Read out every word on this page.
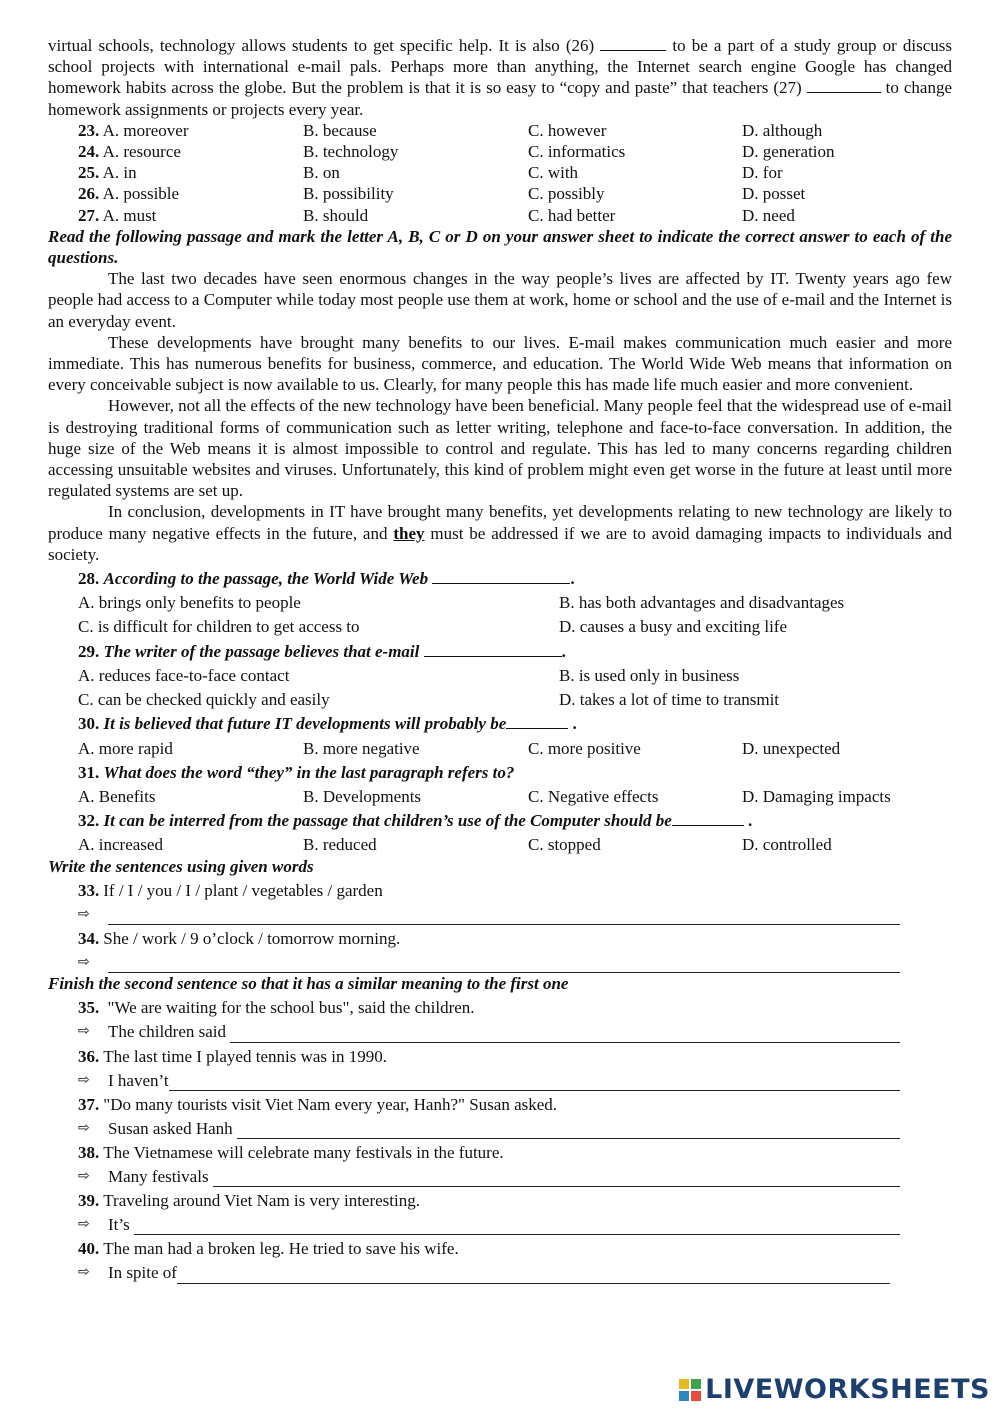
virtual schools, technology allows students to get specific help. It is also (26)	to be a part of a study group or discuss school projects with international e-mail pals. Perhaps more than anything, the Internet search engine Google has changed homework habits across the globe. But the problem is that it is so easy to “copy and paste” that teachers (27)	to change homework assignments or projects every year.

23. A. moreover	B. because	C. however	D. although
24. A. resource	B. technology	C. informatics	D. generation
25. A. in	B. on	C. with	D. for
26. A. possible	B. possibility	C. possibly	D. posset
27. A. must	B. should	C. had better	D. need

Read the following passage and mark the letter A, B, C or D on your answer sheet to indicate the correct answer to each of the questions.

The last two decades have seen enormous changes in the way people’s lives are affected by IT. Twenty years ago few people had access to a Computer while today most people use them at work, home or school and the use of e-mail and the Internet is an everyday event.

These developments have brought many benefits to our lives. E-mail makes communication much easier and more immediate. This has numerous benefits for business, commerce, and education. The World Wide Web means that information on every conceivable subject is now available to us. Clearly, for many people this has made life much easier and more convenient.

However, not all the effects of the new technology have been beneficial. Many people feel that the widespread use of e-mail is destroying traditional forms of communication such as letter writing, telephone and face-to-face conversation. In addition, the huge size of the Web means it is almost impossible to control and regulate. This has led to many concerns regarding children accessing unsuitable websites and viruses. Unfortunately, this kind of problem might even get worse in the future at least until more regulated systems are set up.

In conclusion, developments in IT have brought many benefits, yet developments relating to new technology are likely to produce many negative effects in the future, and they must be addressed if we are to avoid damaging impacts to individuals and society.

28. According to the passage, the World Wide Web	.
A. brings only benefits to people	B. has both advantages and disadvantages
C. is difficult for children to get access to	D. causes a busy and exciting life
29. The writer of the passage believes that e-mail	.
A. reduces face-to-face contact	B. is used only in business
C. can be checked quickly and easily	D. takes a lot of time to transmit
30. It is believed that future IT developments will probably be	.
A. more rapid	B. more negative	C. more positive	D. unexpected
31. What does the word “they” in the last paragraph refers to?
A. Benefits	B. Developments	C. Negative effects	D. Damaging impacts
32. It can be interred from the passage that children’s use of the Computer should be	.
A. increased	B. reduced	C. stopped	D. controlled

Write the sentences using given words

33. If / I / you / I / plant / vegetables / garden
⇨
34. She / work / 9 o’clock / tomorrow morning.
⇨

Finish the second sentence so that it has a similar meaning to the first one

35. "We are waiting for the school bus", said the children.
⇨	The children said
36. The last time I played tennis was in 1990.
⇨	I haven’t
37. "Do many tourists visit Viet Nam every year, Hanh?" Susan asked.
⇨	Susan asked Hanh
38. The Vietnamese will celebrate many festivals in the future.
⇨	Many festivals
39. Traveling around Viet Nam is very interesting.
⇨	It’s
40. The man had a broken leg. He tried to save his wife.
⇨	In spite of
LIVEWORKSHEETS
